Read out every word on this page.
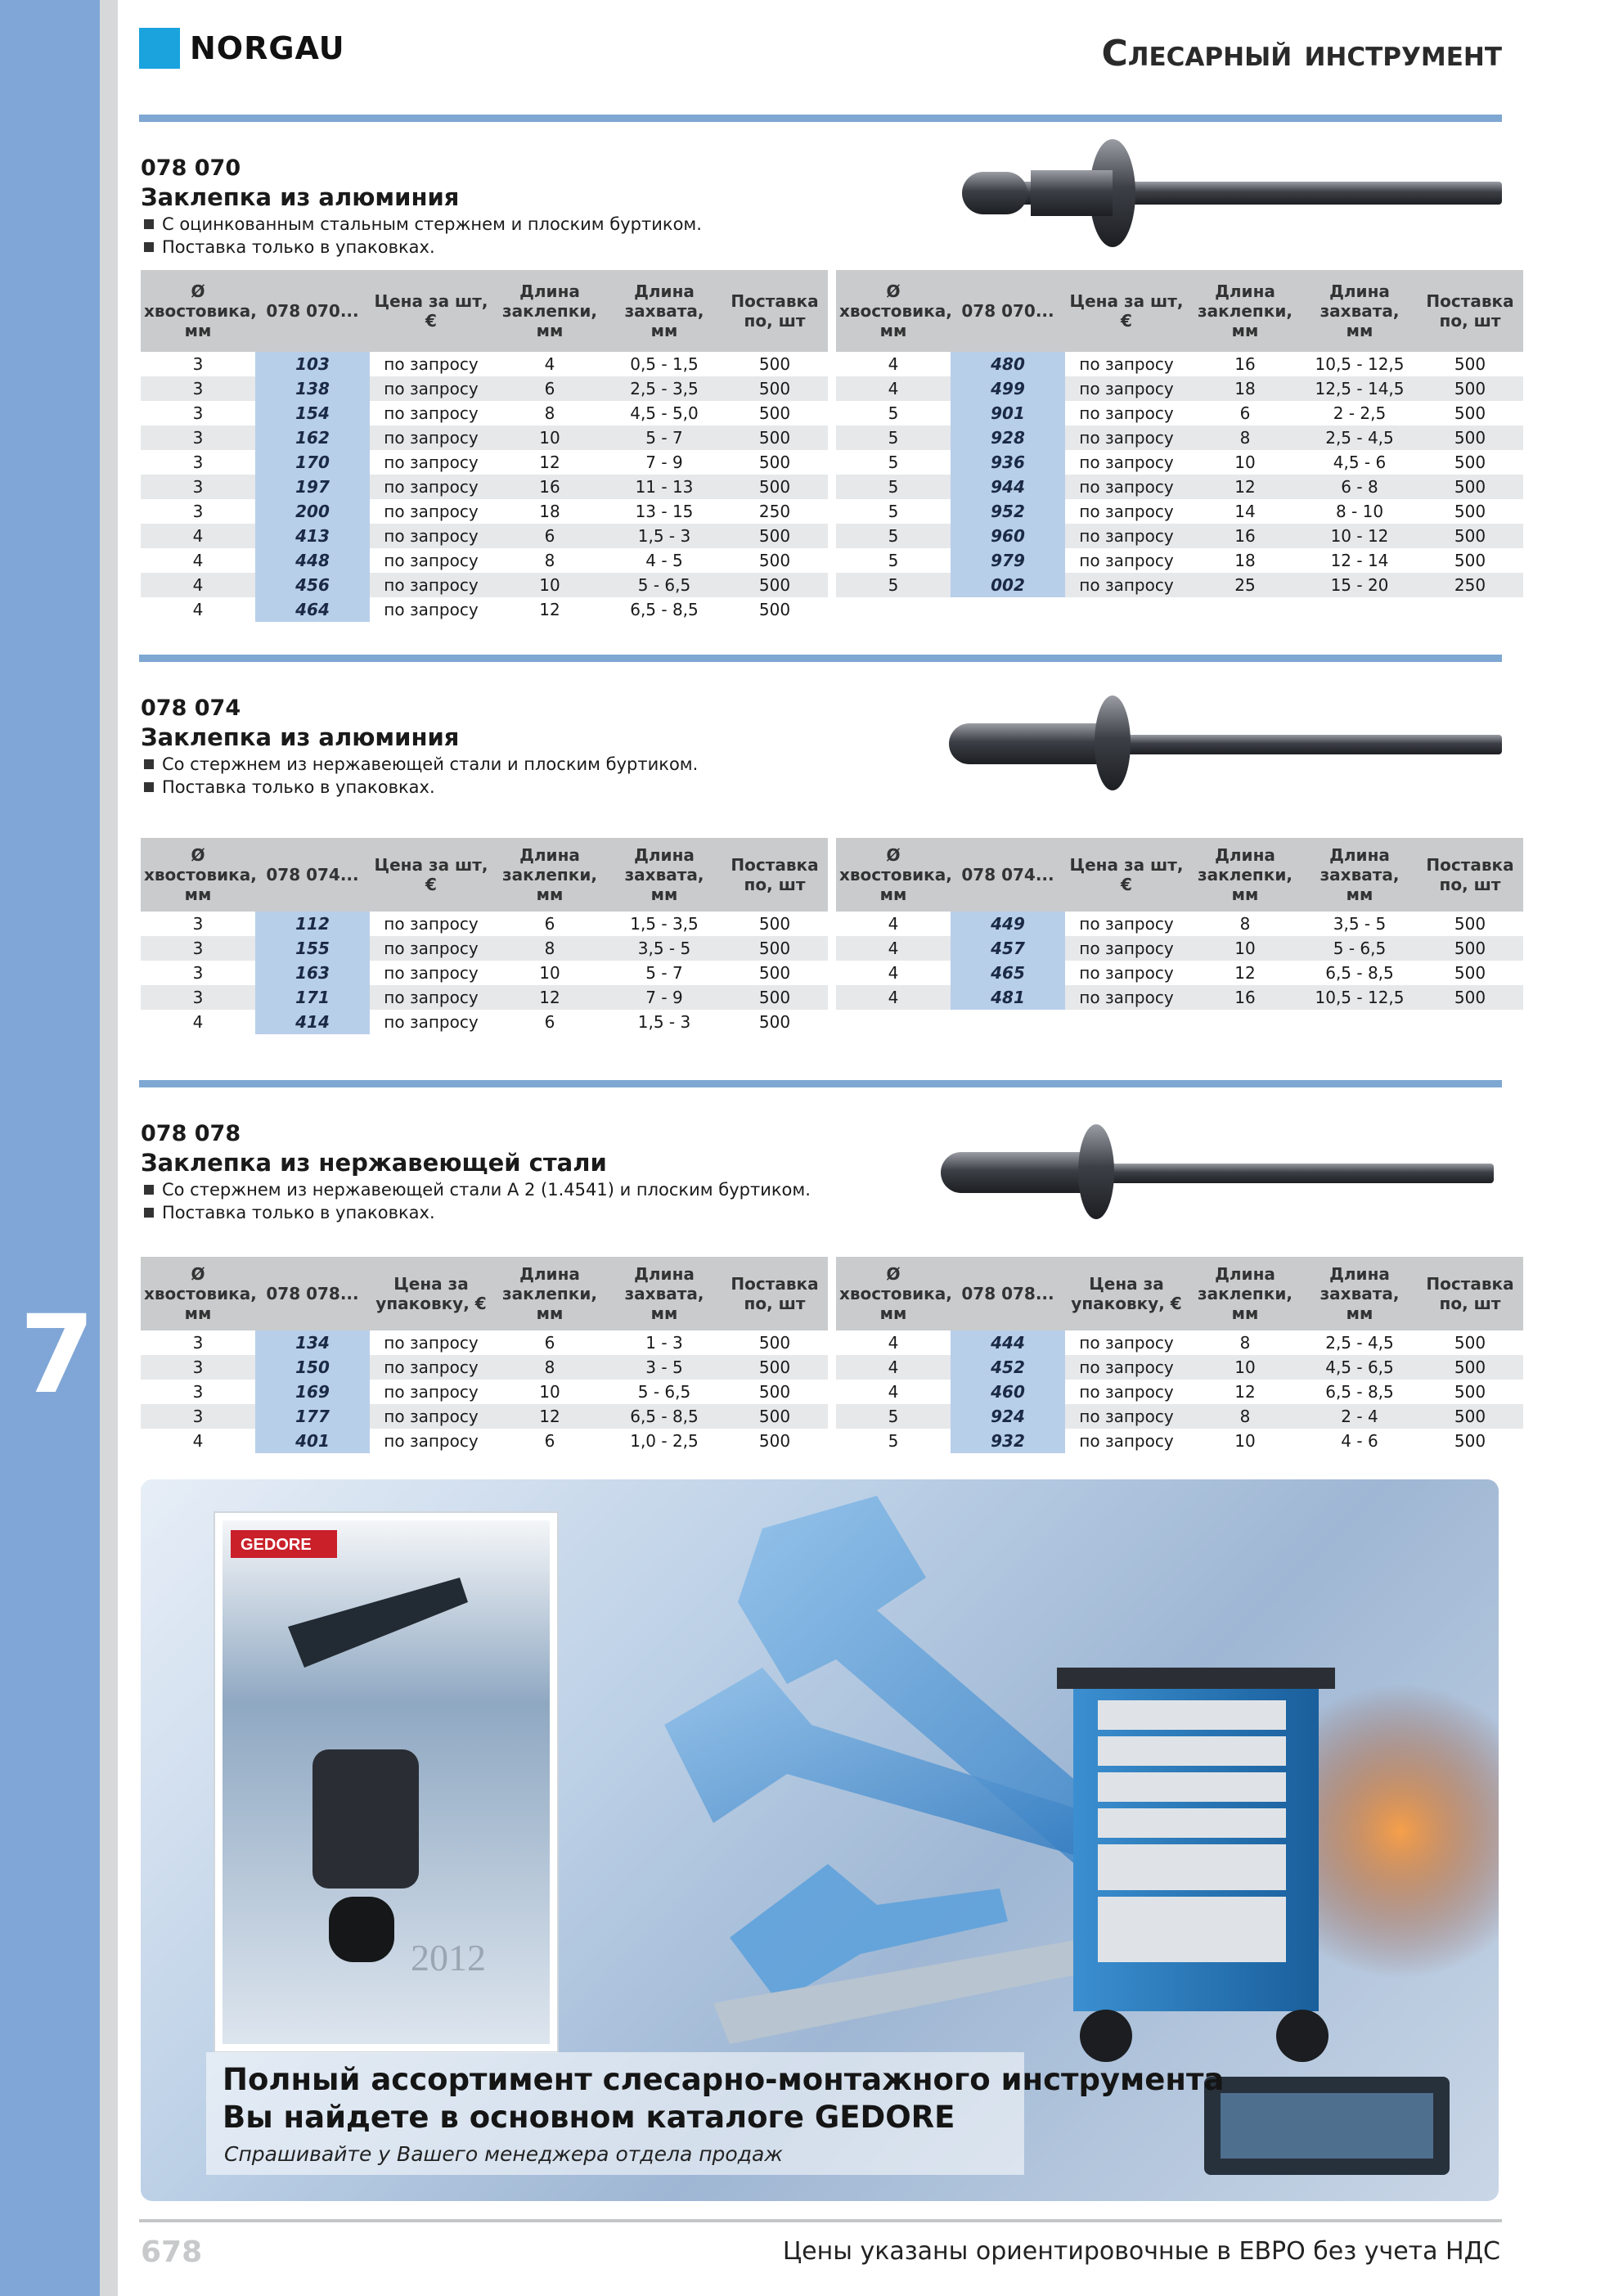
7
NORGAU	Слесарный инструмент
078 070
Заклепка из алюминия
С оцинкованным стальным стержнем и плоским буртиком.
Поставка только в упаковках.
078 074
Заклепка из алюминия
Со стержнем из нержавеющей стали и плоским буртиком.
Поставка только в упаковках.
078 078
Заклепка из нержавеющей стали
Со стержнем из нержавеющей стали А 2 (1.4541) и плоским буртиком.
Поставка только в упаковках.
Ø хвостовика, мм	078 070...	Цена за шт, €	Длина заклепки, мм	Длина захвата, мм	Поставка по, шт
3	103	по запросу	4	0,5 - 1,5	500
3	138	по запросу	6	2,5 - 3,5	500
3	154	по запросу	8	4,5 - 5,0	500
3	162	по запросу	10	5 - 7	500
3	170	по запросу	12	7 - 9	500
3	197	по запросу	16	11 - 13	500
3	200	по запросу	18	13 - 15	250
4	413	по запросу	6	1,5 - 3	500
4	448	по запросу	8	4 - 5	500
4	456	по запросу	10	5 - 6,5	500
4	464	по запросу	12	6,5 - 8,5	500
Ø хвостовика, мм	078 070...	Цена за шт, €	Длина заклепки, мм	Длина захвата, мм	Поставка по, шт
4	480	по запросу	16	10,5 - 12,5	500
4	499	по запросу	18	12,5 - 14,5	500
5	901	по запросу	6	2 - 2,5	500
5	928	по запросу	8	2,5 - 4,5	500
5	936	по запросу	10	4,5 - 6	500
5	944	по запросу	12	6 - 8	500
5	952	по запросу	14	8 - 10	500
5	960	по запросу	16	10 - 12	500
5	979	по запросу	18	12 - 14	500
5	002	по запросу	25	15 - 20	250
Ø хвостовика, мм	078 074...	Цена за шт, €	Длина заклепки, мм	Длина захвата, мм	Поставка по, шт
3	112	по запросу	6	1,5 - 3,5	500
3	155	по запросу	8	3,5 - 5	500
3	163	по запросу	10	5 - 7	500
3	171	по запросу	12	7 - 9	500
4	414	по запросу	6	1,5 - 3	500
Ø хвостовика, мм	078 074...	Цена за шт, €	Длина заклепки, мм	Длина захвата, мм	Поставка по, шт
4	449	по запросу	8	3,5 - 5	500
4	457	по запросу	10	5 - 6,5	500
4	465	по запросу	12	6,5 - 8,5	500
4	481	по запросу	16	10,5 - 12,5	500
Ø хвостовика, мм	078 078...	Цена за упаковку, €	Длина заклепки, мм	Длина захвата, мм	Поставка по, шт
3	134	по запросу	6	1 - 3	500
3	150	по запросу	8	3 - 5	500
3	169	по запросу	10	5 - 6,5	500
3	177	по запросу	12	6,5 - 8,5	500
4	401	по запросу	6	1,0 - 2,5	500
Ø хвостовика, мм	078 078...	Цена за упаковку, €	Длина заклепки, мм	Длина захвата, мм	Поставка по, шт
4	444	по запросу	8	2,5 - 4,5	500
4	452	по запросу	10	4,5 - 6,5	500
4	460	по запросу	12	6,5 - 8,5	500
5	924	по запросу	8	2 - 4	500
5	932	по запросу	10	4 - 6	500
GEDORE
2012
Полный ассортимент слесарно-монтажного инструмента
Вы найдете в основном каталоге GEDORE
Спрашивайте у Вашего менеджера отдела продаж
678	Цены указаны ориентировочные в ЕВРО без учета НДС
